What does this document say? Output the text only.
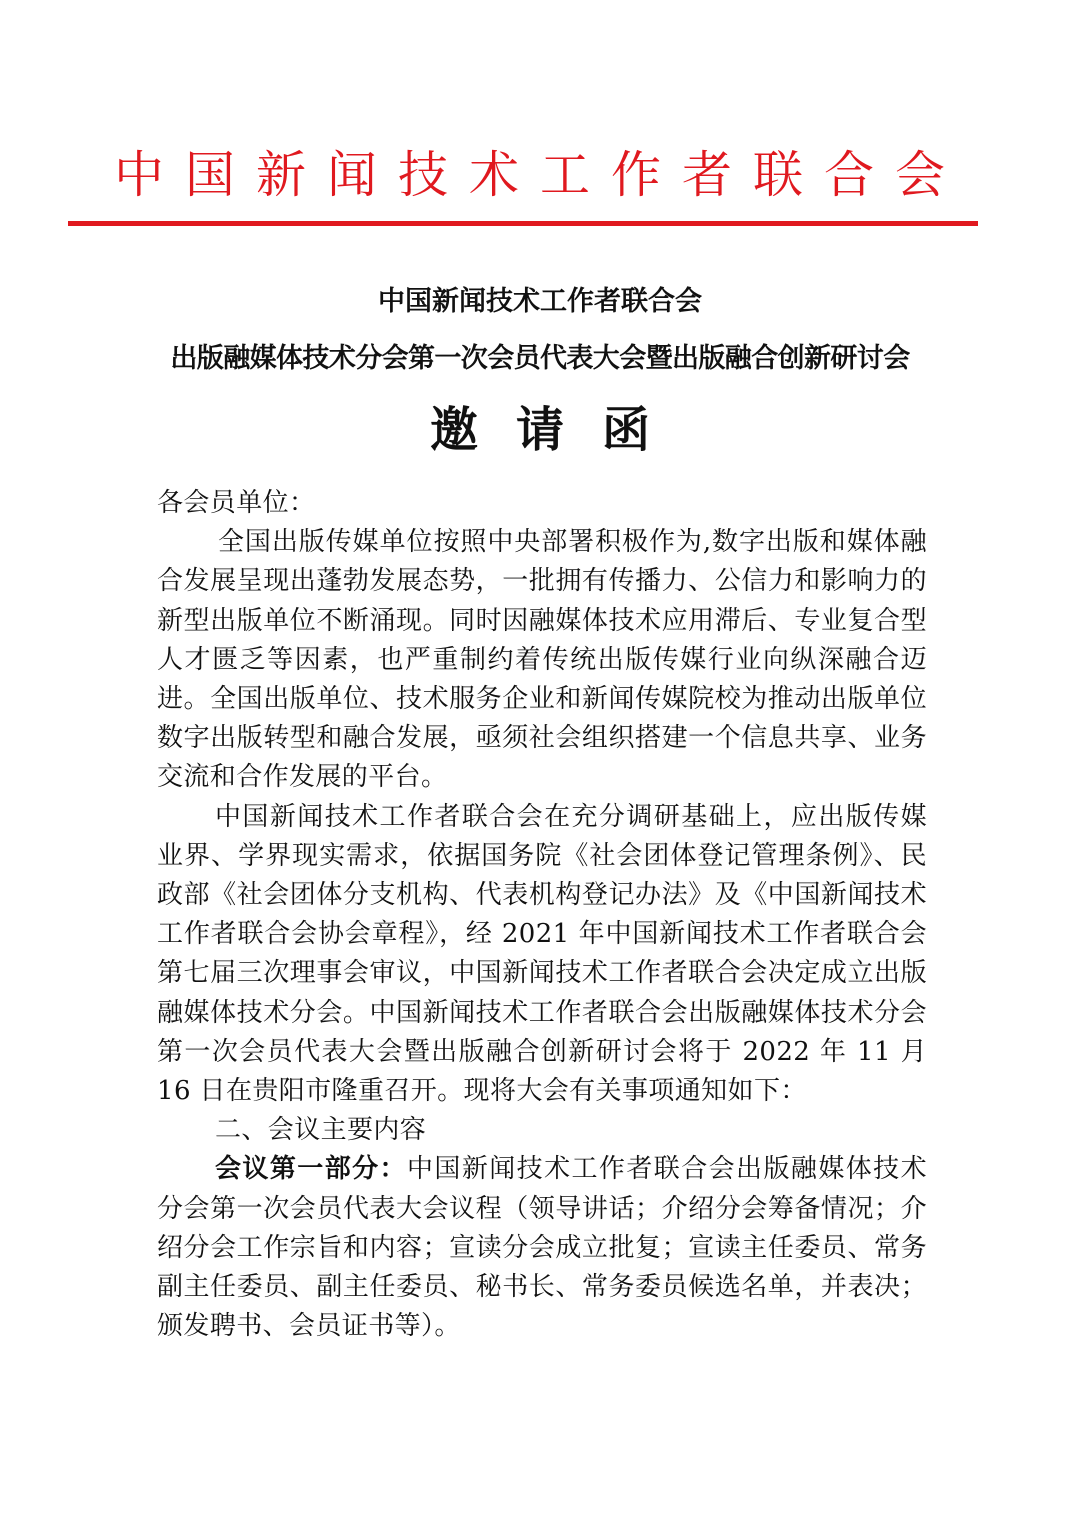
中国新闻技术工作者联合会
中国新闻技术工作者联合会
出版融媒体技术分会第一次会员代表大会暨出版融合创新研讨会
邀请函

各会员单位：

全国出版传媒单位按照中央部署积极作为,数字出版和媒体融合发展呈现出蓬勃发展态势，一批拥有传播力、公信力和影响力的新型出版单位不断涌现。同时因融媒体技术应用滞后、专业复合型人才匮乏等因素，也严重制约着传统出版传媒行业向纵深融合迈进。全国出版单位、技术服务企业和新闻传媒院校为推动出版单位数字出版转型和融合发展，亟须社会组织搭建一个信息共享、业务交流和合作发展的平台。

中国新闻技术工作者联合会在充分调研基础上，应出版传媒业界、学界现实需求，依据国务院《社会团体登记管理条例》、民政部《社会团体分支机构、代表机构登记办法》及《中国新闻技术工作者联合会协会章程》，经 2021 年中国新闻技术工作者联合会第七届三次理事会审议，中国新闻技术工作者联合会决定成立出版融媒体技术分会。中国新闻技术工作者联合会出版融媒体技术分会第一次会员代表大会暨出版融合创新研讨会将于 2022 年 11 月 16 日在贵阳市隆重召开。现将大会有关事项通知如下：

二、会议主要内容

会议第一部分：中国新闻技术工作者联合会出版融媒体技术分会第一次会员代表大会议程（领导讲话；介绍分会筹备情况；介绍分会工作宗旨和内容；宣读分会成立批复；宣读主任委员、常务副主任委员、副主任委员、秘书长、常务委员候选名单，并表决；颁发聘书、会员证书等）。
